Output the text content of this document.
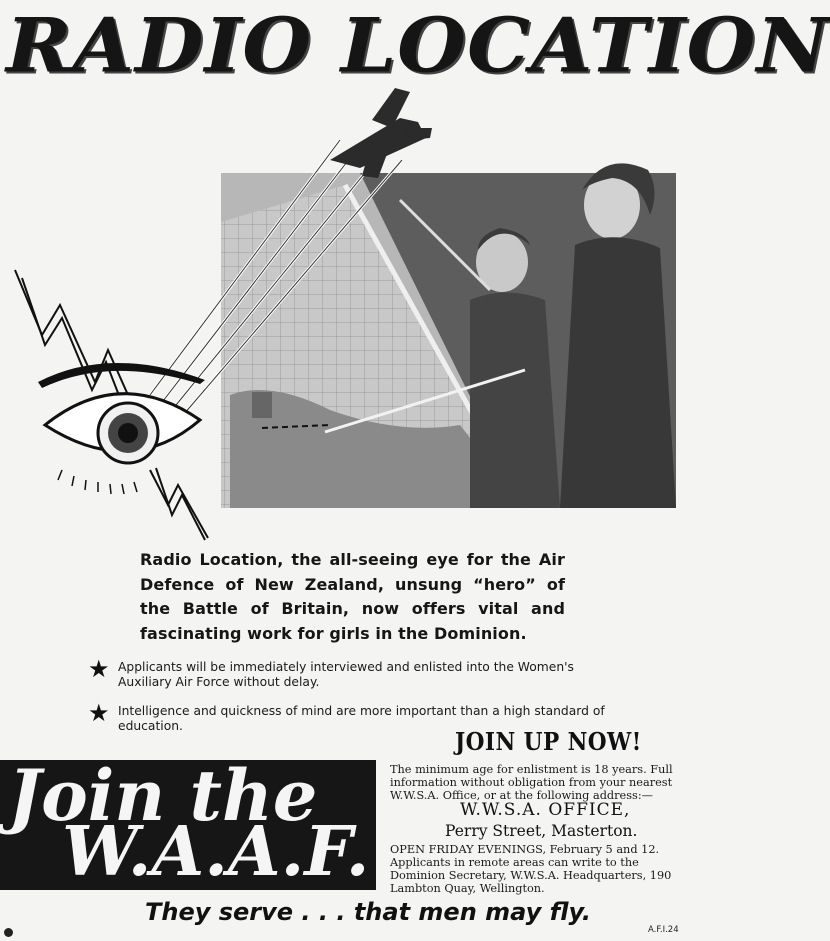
RADIO LOCATION

Radio Location, the all-seeing eye for the Air Defence of New Zealand, unsung “hero” of the Battle of Britain, now offers vital and fascinating work for girls in the Dominion.

★ Applicants will be immediately interviewed and enlisted into the Women's Auxiliary Air Force without delay.
★ Intelligence and quickness of mind are more important than a high standard of education.
JOIN UP NOW!
Join the
W.A.A.F.

The minimum age for enlistment is 18 years. Full information without obligation from your nearest W.W.S.A. Office, or at the following address:—

W.W.S.A. OFFICE,
Perry Street, Masterton.

OPEN FRIDAY EVENINGS, February 5 and 12. Applicants in remote areas can write to the Dominion Secretary, W.W.S.A. Headquarters, 190 Lambton Quay, Wellington.

They serve . . . that men may fly.
A.F.I.24
